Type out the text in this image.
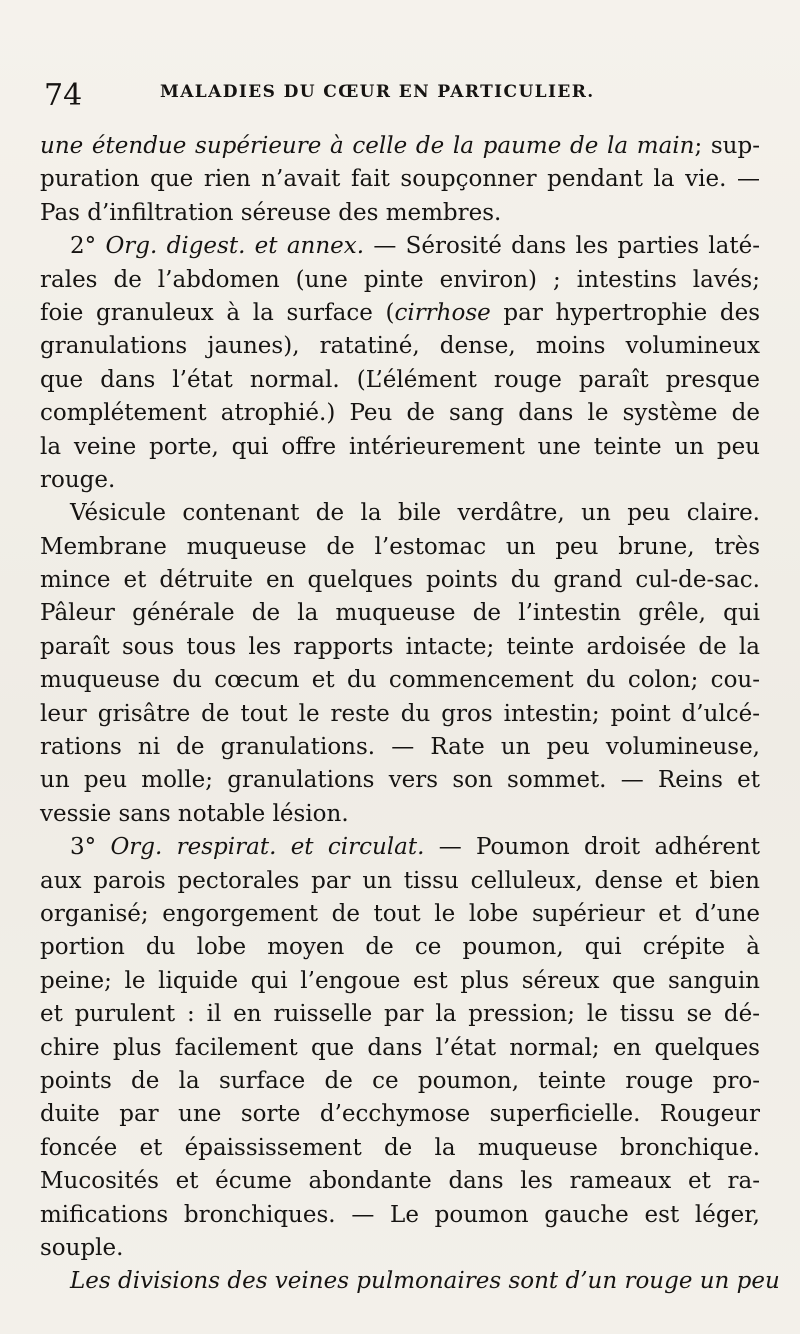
74	MALADIES DU CŒUR EN PARTICULIER.
une étendue supérieure à celle de la paume de la main; sup-
puration que rien n’avait fait soupçonner pendant la vie. —
Pas d’infiltration séreuse des membres.
2° Org. digest. et annex. — Sérosité dans les parties laté-
rales de l’abdomen (une pinte environ) ; intestins lavés;
foie granuleux à la surface (cirrhose par hypertrophie des
granulations jaunes), ratatiné, dense, moins volumineux
que dans l’état normal. (L’élément rouge paraît presque
complétement atrophié.) Peu de sang dans le système de
la veine porte, qui offre intérieurement une teinte un peu
rouge.
Vésicule contenant de la bile verdâtre, un peu claire.
Membrane muqueuse de l’estomac un peu brune, très
mince et détruite en quelques points du grand cul-de-sac.
Pâleur générale de la muqueuse de l’intestin grêle, qui
paraît sous tous les rapports intacte; teinte ardoisée de la
muqueuse du cœcum et du commencement du colon; cou-
leur grisâtre de tout le reste du gros intestin; point d’ulcé-
rations ni de granulations. — Rate un peu volumineuse,
un peu molle; granulations vers son sommet. — Reins et
vessie sans notable lésion.
3° Org. respirat. et circulat. — Poumon droit adhérent
aux parois pectorales par un tissu celluleux, dense et bien
organisé; engorgement de tout le lobe supérieur et d’une
portion du lobe moyen de ce poumon, qui crépite à
peine; le liquide qui l’engoue est plus séreux que sanguin
et purulent : il en ruisselle par la pression; le tissu se dé-
chire plus facilement que dans l’état normal; en quelques
points de la surface de ce poumon, teinte rouge pro-
duite par une sorte d’ecchymose superficielle. Rougeur
foncée et épaississement de la muqueuse bronchique.
Mucosités et écume abondante dans les rameaux et ra-
mifications bronchiques. — Le poumon gauche est léger,
souple.
Les divisions des veines pulmonaires sont d’un rouge un peu
